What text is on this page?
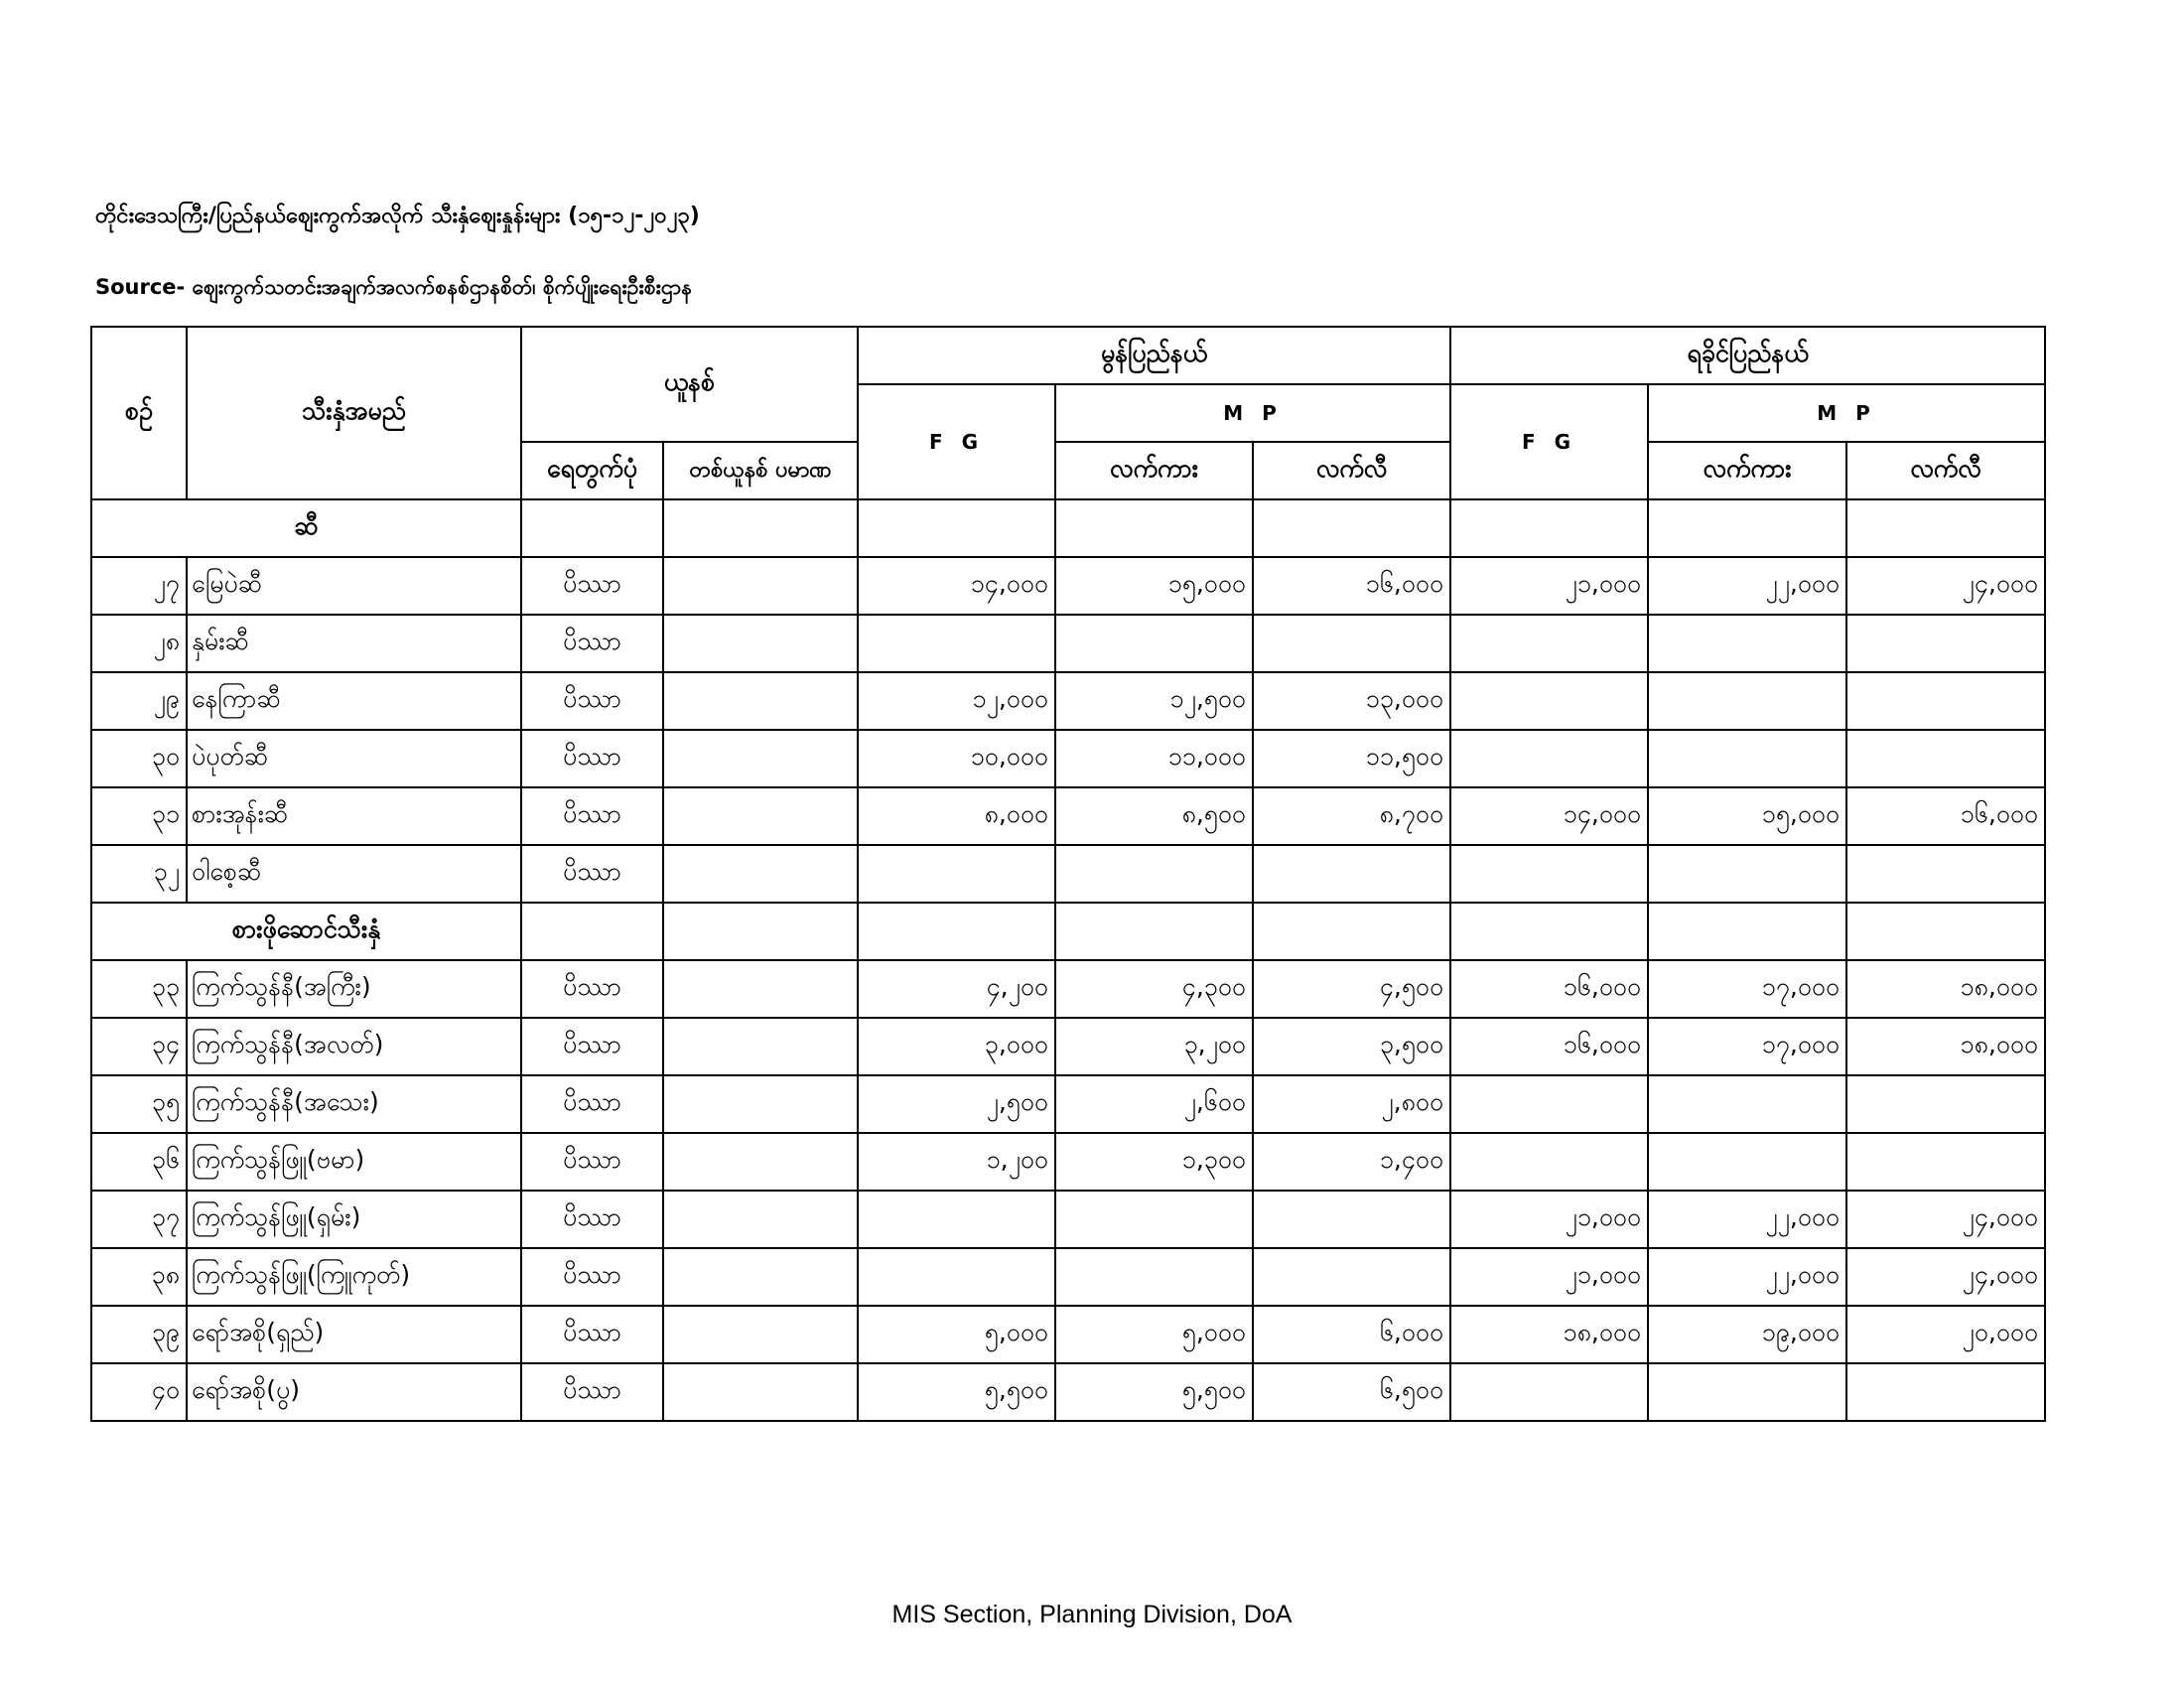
တိုင်းဒေသကြီး/ပြည်နယ်ဈေးကွက်အလိုက် သီးနှံဈေးနှုန်းများ (၁၅-၁၂-၂၀၂၃)
Source- ဈေးကွက်သတင်းအချက်အလက်စနစ်ဌာနစိတ်၊ စိုက်ပျိုးရေးဦးစီးဌာန
စဉ်	သီးနှံအမည်	ယူနစ်		မွန်ပြည်နယ်			ရခိုင်ပြည်နယ်		
				F G	M P		F G	M P	
		ရေတွက်ပုံ	တစ်ယူနစ် ပမာဏ		လက်ကား	လက်လီ		လက်ကား	လက်လီ
ဆီ									
၂၇	မြေပဲဆီ	ပိဿာ		၁၄,၀၀၀	၁၅,၀၀၀	၁၆,၀၀၀	၂၁,၀၀၀	၂၂,၀၀၀	၂၄,၀၀၀
၂၈	နှမ်းဆီ	ပိဿာ							
၂၉	နေကြာဆီ	ပိဿာ		၁၂,၀၀၀	၁၂,၅၀၀	၁၃,၀၀၀			
၃၀	ပဲပုတ်ဆီ	ပိဿာ		၁၀,၀၀၀	၁၁,၀၀၀	၁၁,၅၀၀			
၃၁	စားအုန်းဆီ	ပိဿာ		၈,၀၀၀	၈,၅၀၀	၈,၇၀၀	၁၄,၀၀၀	၁၅,၀၀၀	၁၆,၀၀၀
၃၂	ဝါစေ့ဆီ	ပိဿာ							
စားဖိုဆောင်သီးနှံ									
၃၃	ကြက်သွန်နီ(အကြီး)	ပိဿာ		၄,၂၀၀	၄,၃၀၀	၄,၅၀၀	၁၆,၀၀၀	၁၇,၀၀၀	၁၈,၀၀၀
၃၄	ကြက်သွန်နီ(အလတ်)	ပိဿာ		၃,၀၀၀	၃,၂၀၀	၃,၅၀၀	၁၆,၀၀၀	၁၇,၀၀၀	၁၈,၀၀၀
၃၅	ကြက်သွန်နီ(အသေး)	ပိဿာ		၂,၅၀၀	၂,၆၀၀	၂,၈၀၀			
၃၆	ကြက်သွန်ဖြူ(ဗမာ)	ပိဿာ		၁,၂၀၀	၁,၃၀၀	၁,၄၀၀			
၃၇	ကြက်သွန်ဖြူ(ရှမ်း)	ပိဿာ					၂၁,၀၀၀	၂၂,၀၀၀	၂၄,၀၀၀
၃၈	ကြက်သွန်ဖြူ(ကြူကုတ်)	ပိဿာ					၂၁,၀၀၀	၂၂,၀၀၀	၂၄,၀၀၀
၃၉	ရော်အစို(ရှည်)	ပိဿာ		၅,၀၀၀	၅,၀၀၀	၆,၀၀၀	၁၈,၀၀၀	၁၉,၀၀၀	၂၀,၀၀၀
၄၀	ရော်အစို(ပွ)	ပိဿာ		၅,၅၀၀	၅,၅၀၀	၆,၅၀၀			
MIS Section, Planning Division, DoA
